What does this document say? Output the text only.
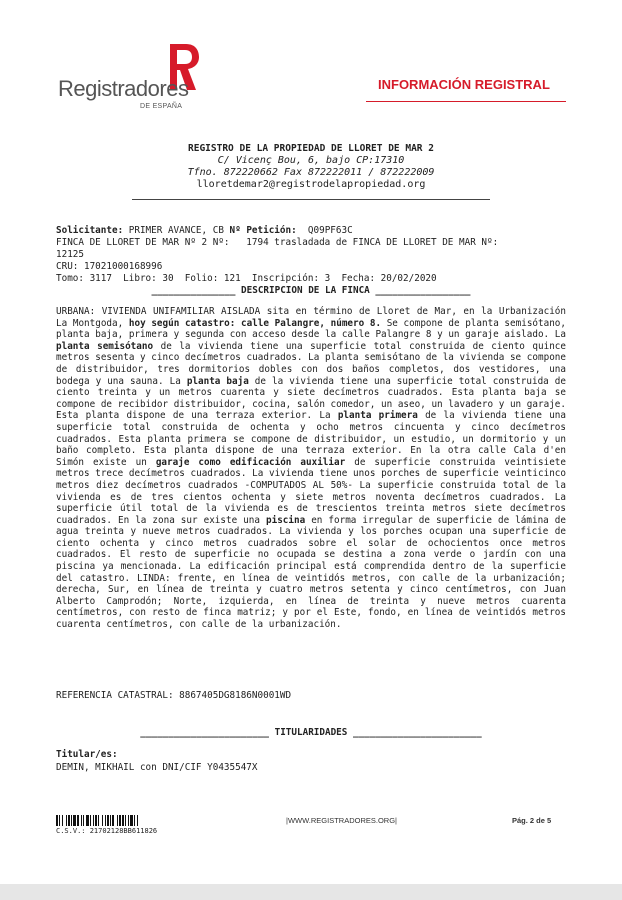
Registradores
DE ESPAÑA
INFORMACIÓN REGISTRAL
REGISTRO DE LA PROPIEDAD DE LLORET DE MAR 2
C/ Vicenç Bou, 6, bajo CP:17310
Tfno. 872220662 Fax 872222011 / 872222009
lloretdemar2@registrodelapropiedad.org
Solicitante: PRIMER AVANCE, CB Nº Petición:  Q09PF63C
FINCA DE LLORET DE MAR Nº 2 Nº:   1794 trasladada de FINCA DE LLORET DE MAR Nº:
12125
CRU: 17021000168996
Tomo: 3117  Libro: 30  Folio: 121  Inscripción: 3  Fecha: 20/02/2020
_______________ DESCRIPCION DE LA FINCA _________________
URBANA: VIVIENDA UNIFAMILIAR AISLADA sita en término de Lloret de Mar, en la Urbanización La Montgoda, hoy según catastro: calle Palangre, número 8. Se compone de planta semisótano, planta baja, primera y segunda con acceso desde la calle Palangre 8 y un garaje aislado. La planta semisótano de la vivienda tiene una superficie total construida de ciento quince metros sesenta y cinco decímetros cuadrados. La planta semisótano de la vivienda se compone de distribuidor, tres dormitorios dobles con dos baños completos, dos vestidores, una bodega y una sauna. La planta baja de la vivienda tiene una superficie total construida de ciento treinta y un metros cuarenta y siete decímetros cuadrados. Esta planta baja se compone de recibidor distribuidor, cocina, salón comedor, un aseo, un lavadero y un garaje. Esta planta dispone de una terraza exterior. La planta primera de la vivienda tiene una superficie total construida de ochenta y ocho metros cincuenta y cinco decímetros cuadrados. Esta planta primera se compone de distribuidor, un estudio, un dormitorio y un baño completo. Esta planta dispone de una terraza exterior. En la otra calle Cala d'en Simón existe un garaje como edificación auxiliar de superficie construida veintisiete metros trece decímetros cuadrados. La vivienda tiene unos porches de superficie veinticinco metros diez decímetros cuadrados -COMPUTADOS AL 50%- La superficie construida total de la vivienda es de tres cientos ochenta y siete metros noventa decímetros cuadrados. La superficie útil total de la vivienda es de trescientos treinta metros siete decímetros cuadrados. En la zona sur existe una piscina en forma irregular de superficie de lámina de agua treinta y nueve metros cuadrados. La vivienda y los porches ocupan una superficie de ciento ochenta y cinco metros cuadrados sobre el solar de ochocientos once metros cuadrados. El resto de superficie no ocupada se destina a zona verde o jardín con una piscina ya mencionada. La edificación principal está comprendida dentro de la superficie del catastro. LINDA: frente, en línea de veintidós metros, con calle de la urbanización; derecha, Sur, en línea de treinta y cuatro metros setenta y cinco centímetros, con Juan Alberto Camprodón; Norte, izquierda, en línea de treinta y nueve metros cuarenta centímetros, con resto de finca matriz; y por el Este, fondo, en línea de veintidós metros cuarenta centímetros, con calle de la urbanización.
REFERENCIA CATASTRAL: 8867405DG8186N0001WD
_______________________ TITULARIDADES _______________________
Titular/es:
DEMIN, MIKHAIL con DNI/CIF Y0435547X
C.S.V.: 21702128BB611826
|WWW.REGISTRADORES.ORG|	Pág. 2 de 5
